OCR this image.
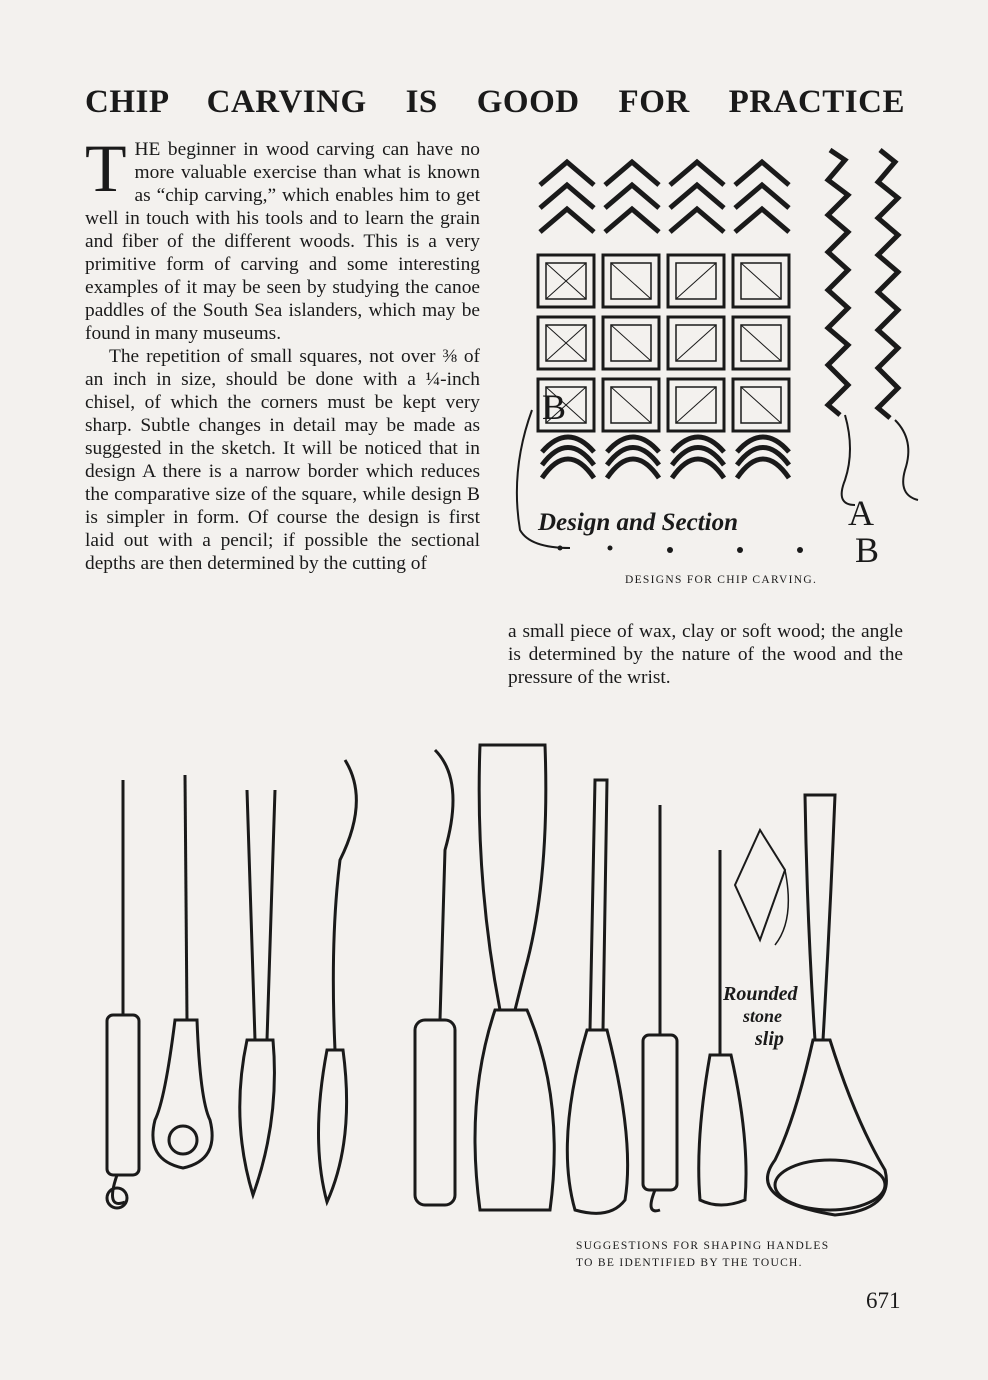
CHIP CARVING IS GOOD FOR PRACTICE

THE beginner in wood carving can have no more valuable exercise than what is known as “chip carving,” which enables him to get well in touch with his tools and to learn the grain and fiber of the different woods. This is a very primitive form of carving and some interesting examples of it may be seen by studying the canoe paddles of the South Sea islanders, which may be found in many museums.

The repetition of small squares, not over ⅜ of an inch in size, should be done with a ¼-inch chisel, of which the corners must be kept very sharp. Subtle changes in detail may be made as suggested in the sketch. It will be noticed that in design A there is a narrow border which reduces the comparative size of the square, while design B is simpler in form. Of course the design is first laid out with a pencil; if possible the sectional depths are then determined by the cutting of

a small piece of wax, clay or soft wood; the angle is determined by the nature of the wood and the pressure of the wrist.

B
Design and Section	A
B
DESIGNS FOR CHIP CARVING.
Rounded
stone
slip
SUGGESTIONS FOR SHAPING HANDLES
TO BE IDENTIFIED BY THE TOUCH.
671
